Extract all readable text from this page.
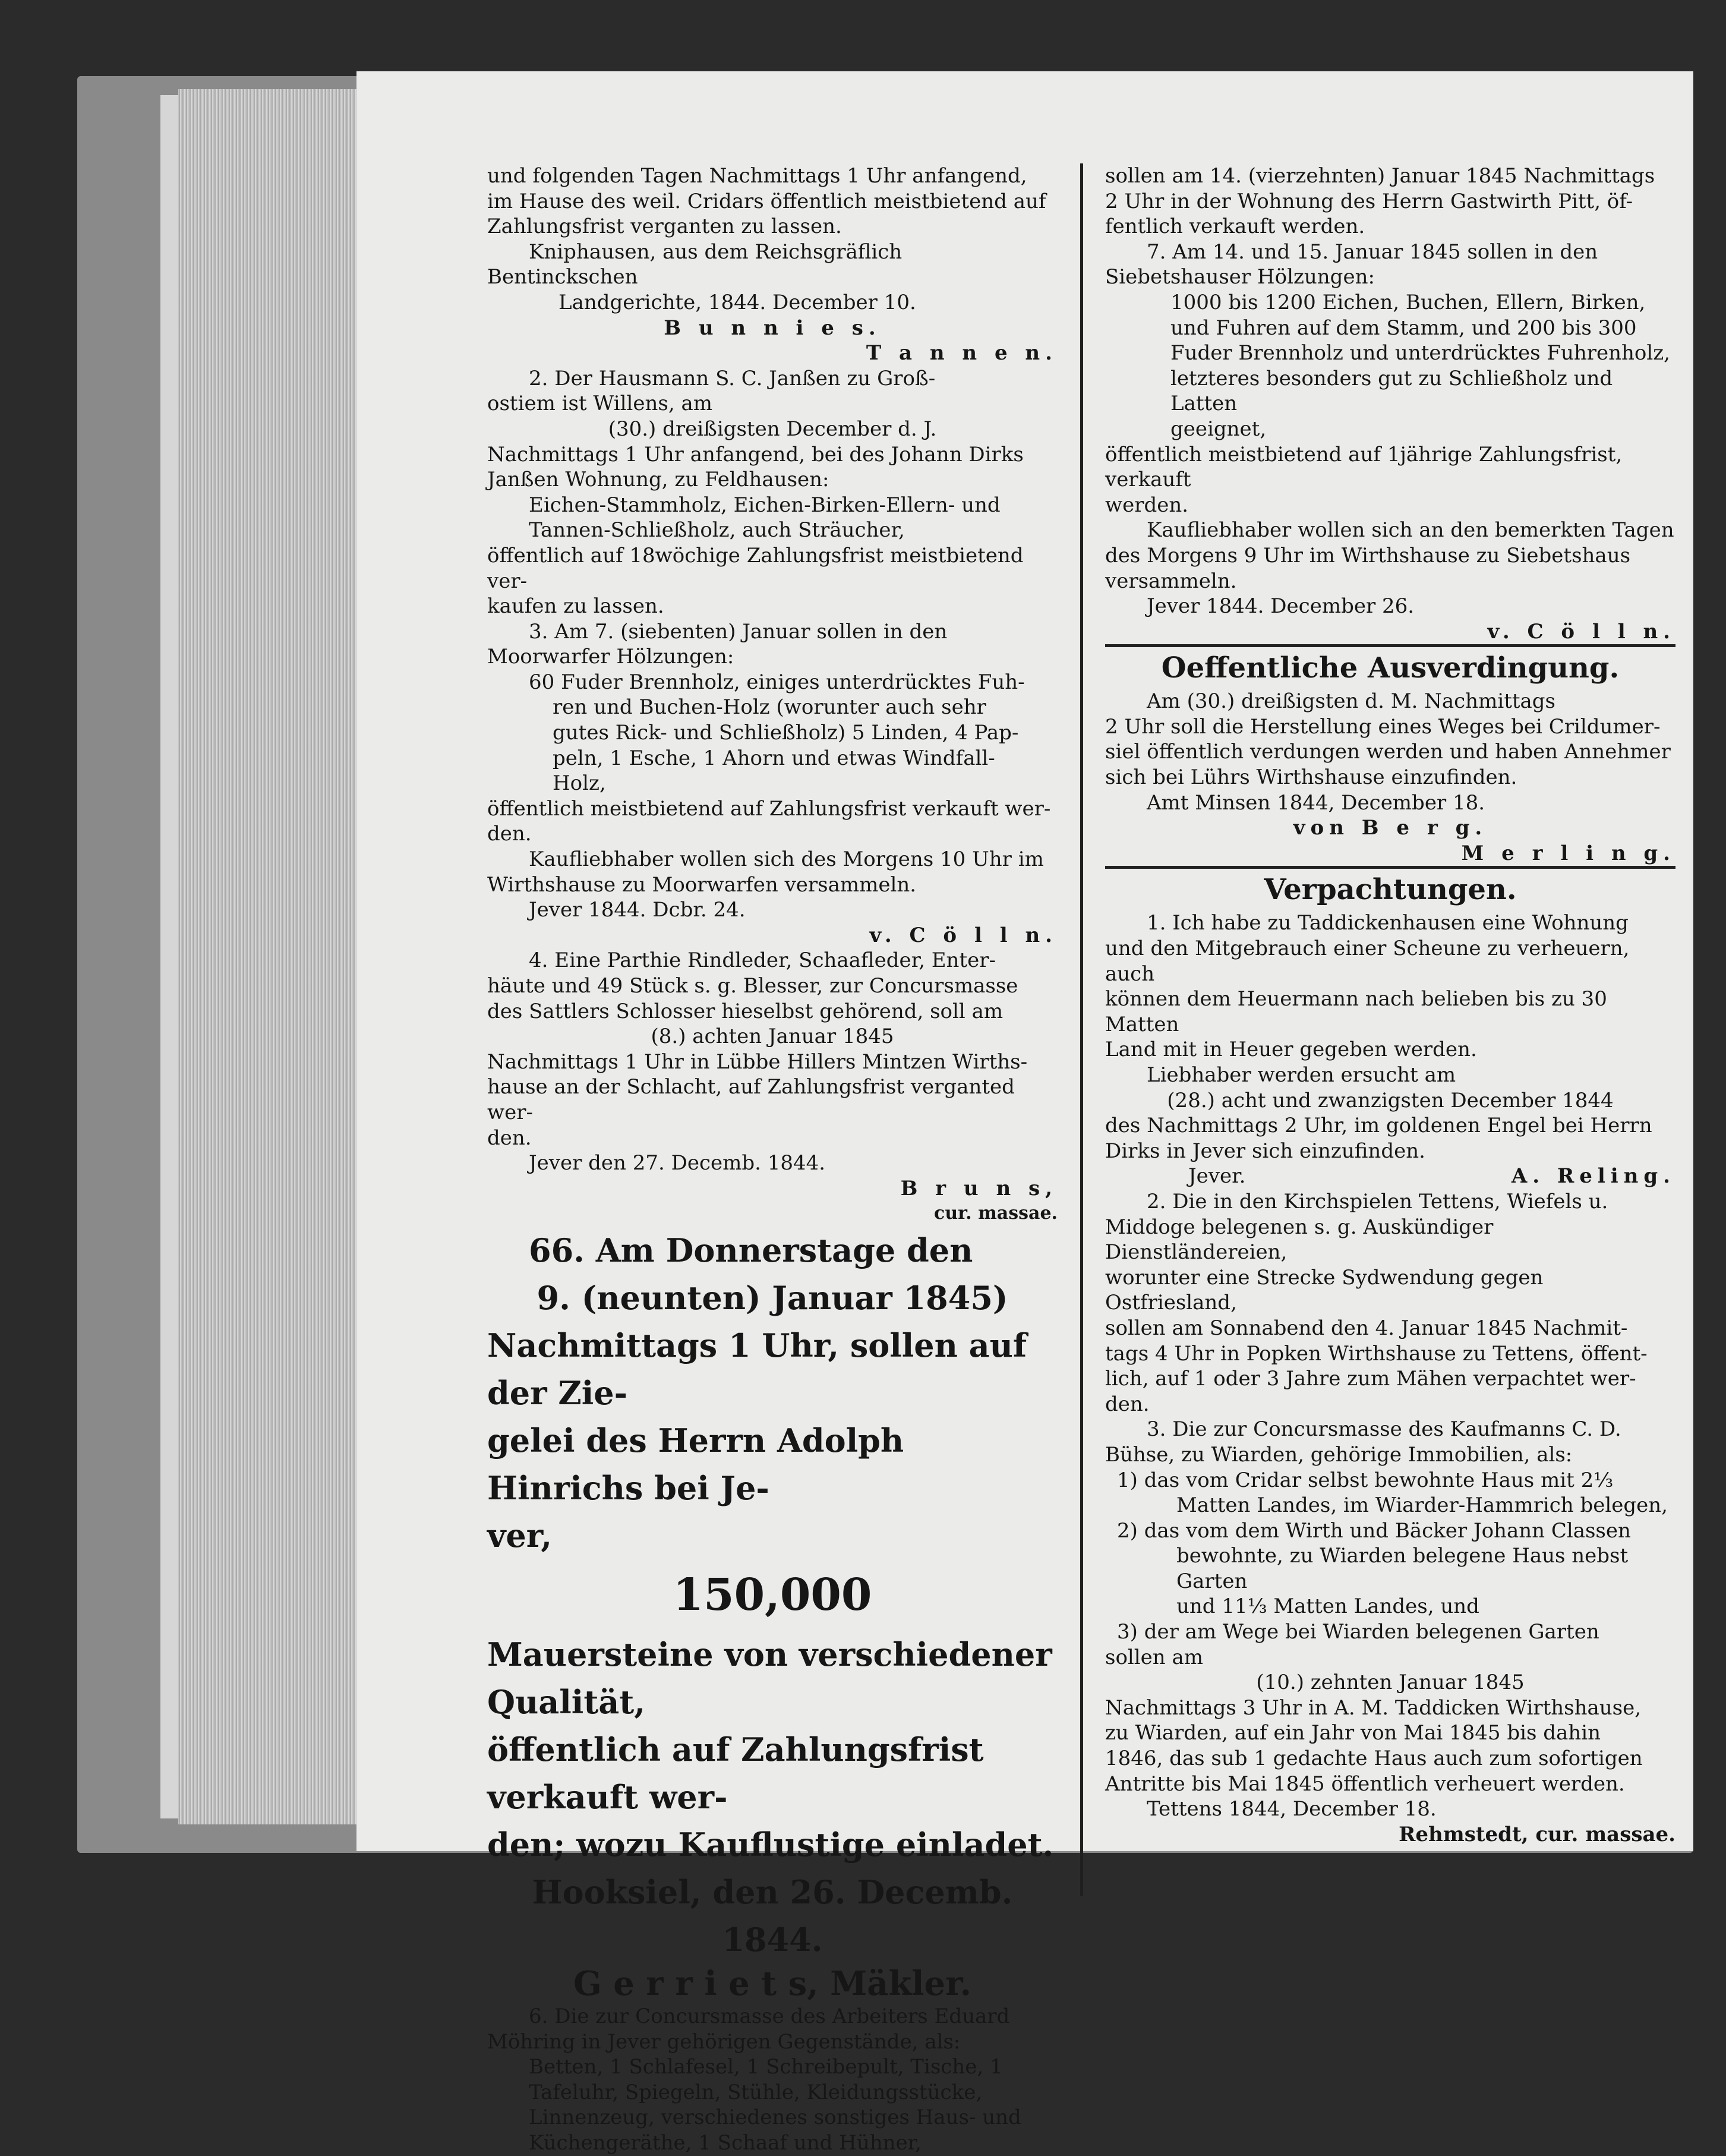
und folgenden Tagen Nachmittags 1 Uhr anfangend,

im Hause des weil. Cridars öffentlich meistbietend auf

Zahlungsfrist verganten zu lassen.

Kniphausen, aus dem Reichsgräflich Bentinckschen

Landgerichte, 1844. December 10.

B u n n i e s.

T a n n e n.

2. Der Hausmann S. C. Janßen zu Groß-

ostiem ist Willens, am

(30.) dreißigsten December d. J.

Nachmittags 1 Uhr anfangend, bei des Johann Dirks

Janßen Wohnung, zu Feldhausen:

Eichen-Stammholz, Eichen-Birken-Ellern- und

Tannen-Schließholz, auch Sträucher,

öffentlich auf 18wöchige Zahlungsfrist meistbietend ver-

kaufen zu lassen.

3. Am 7. (siebenten) Januar sollen in den

Moorwarfer Hölzungen:

60 Fuder Brennholz, einiges unterdrücktes Fuh-

ren und Buchen-Holz (worunter auch sehr

gutes Rick- und Schließholz) 5 Linden, 4 Pap-

peln, 1 Esche, 1 Ahorn und etwas Windfall-

Holz,

öffentlich meistbietend auf Zahlungsfrist verkauft wer-

den.

Kaufliebhaber wollen sich des Morgens 10 Uhr im

Wirthshause zu Moorwarfen versammeln.

Jever 1844. Dcbr. 24.

v. C ö l l n.

4. Eine Parthie Rindleder, Schaafleder, Enter-

häute und 49 Stück s. g. Blesser, zur Concursmasse

des Sattlers Schlosser hieselbst gehörend, soll am

(8.) achten Januar 1845

Nachmittags 1 Uhr in Lübbe Hillers Mintzen Wirths-

hause an der Schlacht, auf Zahlungsfrist verganted wer-

den.

Jever den 27. Decemb. 1844.

B r u n s,

cur. massae.

66. Am Donnerstage den

9. (neunten) Januar 1845)

Nachmittags 1 Uhr, sollen auf der Zie-

gelei des Herrn Adolph Hinrichs bei Je-

ver,

150,000

Mauersteine von verschiedener Qualität,

öffentlich auf Zahlungsfrist verkauft wer-

den; wozu Kauflustige einladet.

Hooksiel, den 26. Decemb.

1844.

G e r r i e t s, Mäkler.

6. Die zur Concursmasse des Arbeiters Eduard

Möhring in Jever gehörigen Gegenstände, als:

Betten, 1 Schlafesel, 1 Schreibepult, Tische, 1

Tafeluhr, Spiegeln, Stühle, Kleidungsstücke,

Linnenzeug, verschiedenes sonstiges Haus- und

Küchengeräthe, 1 Schaaf und Hühner,

sollen am 14. (vierzehnten) Januar 1845 Nachmittags

2 Uhr in der Wohnung des Herrn Gastwirth Pitt, öf-

fentlich verkauft werden.

7. Am 14. und 15. Januar 1845 sollen in den

Siebetshauser Hölzungen:

1000 bis 1200 Eichen, Buchen, Ellern, Birken,

und Fuhren auf dem Stamm, und 200 bis 300

Fuder Brennholz und unterdrücktes Fuhrenholz,

letzteres besonders gut zu Schließholz und Latten

geeignet,

öffentlich meistbietend auf 1jährige Zahlungsfrist, verkauft

werden.

Kaufliebhaber wollen sich an den bemerkten Tagen

des Morgens 9 Uhr im Wirthshause zu Siebetshaus

versammeln.

Jever 1844. December 26.

v. C ö l l n.

Oeffentliche Ausverdingung.

Am (30.) dreißigsten d. M. Nachmittags

2 Uhr soll die Herstellung eines Weges bei Crildumer-

siel öffentlich verdungen werden und haben Annehmer

sich bei Lührs Wirthshause einzufinden.

Amt Minsen 1844, December 18.

von B e r g.

M e r l i n g.

Verpachtungen.

1. Ich habe zu Taddickenhausen eine Wohnung

und den Mitgebrauch einer Scheune zu verheuern, auch

können dem Heuermann nach belieben bis zu 30 Matten

Land mit in Heuer gegeben werden.

Liebhaber werden ersucht am

(28.) acht und zwanzigsten December 1844

des Nachmittags 2 Uhr, im goldenen Engel bei Herrn

Dirks in Jever sich einzufinden.

Jever.	A. Reling.

2. Die in den Kirchspielen Tettens, Wiefels u.

Middoge belegenen s. g. Auskündiger Dienstländereien,

worunter eine Strecke Sydwendung gegen Ostfriesland,

sollen am Sonnabend den 4. Januar 1845 Nachmit-

tags 4 Uhr in Popken Wirthshause zu Tettens, öffent-

lich, auf 1 oder 3 Jahre zum Mähen verpachtet wer-

den.

3. Die zur Concursmasse des Kaufmanns C. D.

Bühse, zu Wiarden, gehörige Immobilien, als:

1) das vom Cridar selbst bewohnte Haus mit 2⅓

Matten Landes, im Wiarder-Hammrich belegen,

2) das vom dem Wirth und Bäcker Johann Classen

bewohnte, zu Wiarden belegene Haus nebst Garten

und 11⅓ Matten Landes, und

3) der am Wege bei Wiarden belegenen Garten

sollen am

(10.) zehnten Januar 1845

Nachmittags 3 Uhr in A. M. Taddicken Wirthshause,

zu Wiarden, auf ein Jahr von Mai 1845 bis dahin

1846, das sub 1 gedachte Haus auch zum sofortigen

Antritte bis Mai 1845 öffentlich verheuert werden.

Tettens 1844, December 18.

Rehmstedt, cur. massae.
